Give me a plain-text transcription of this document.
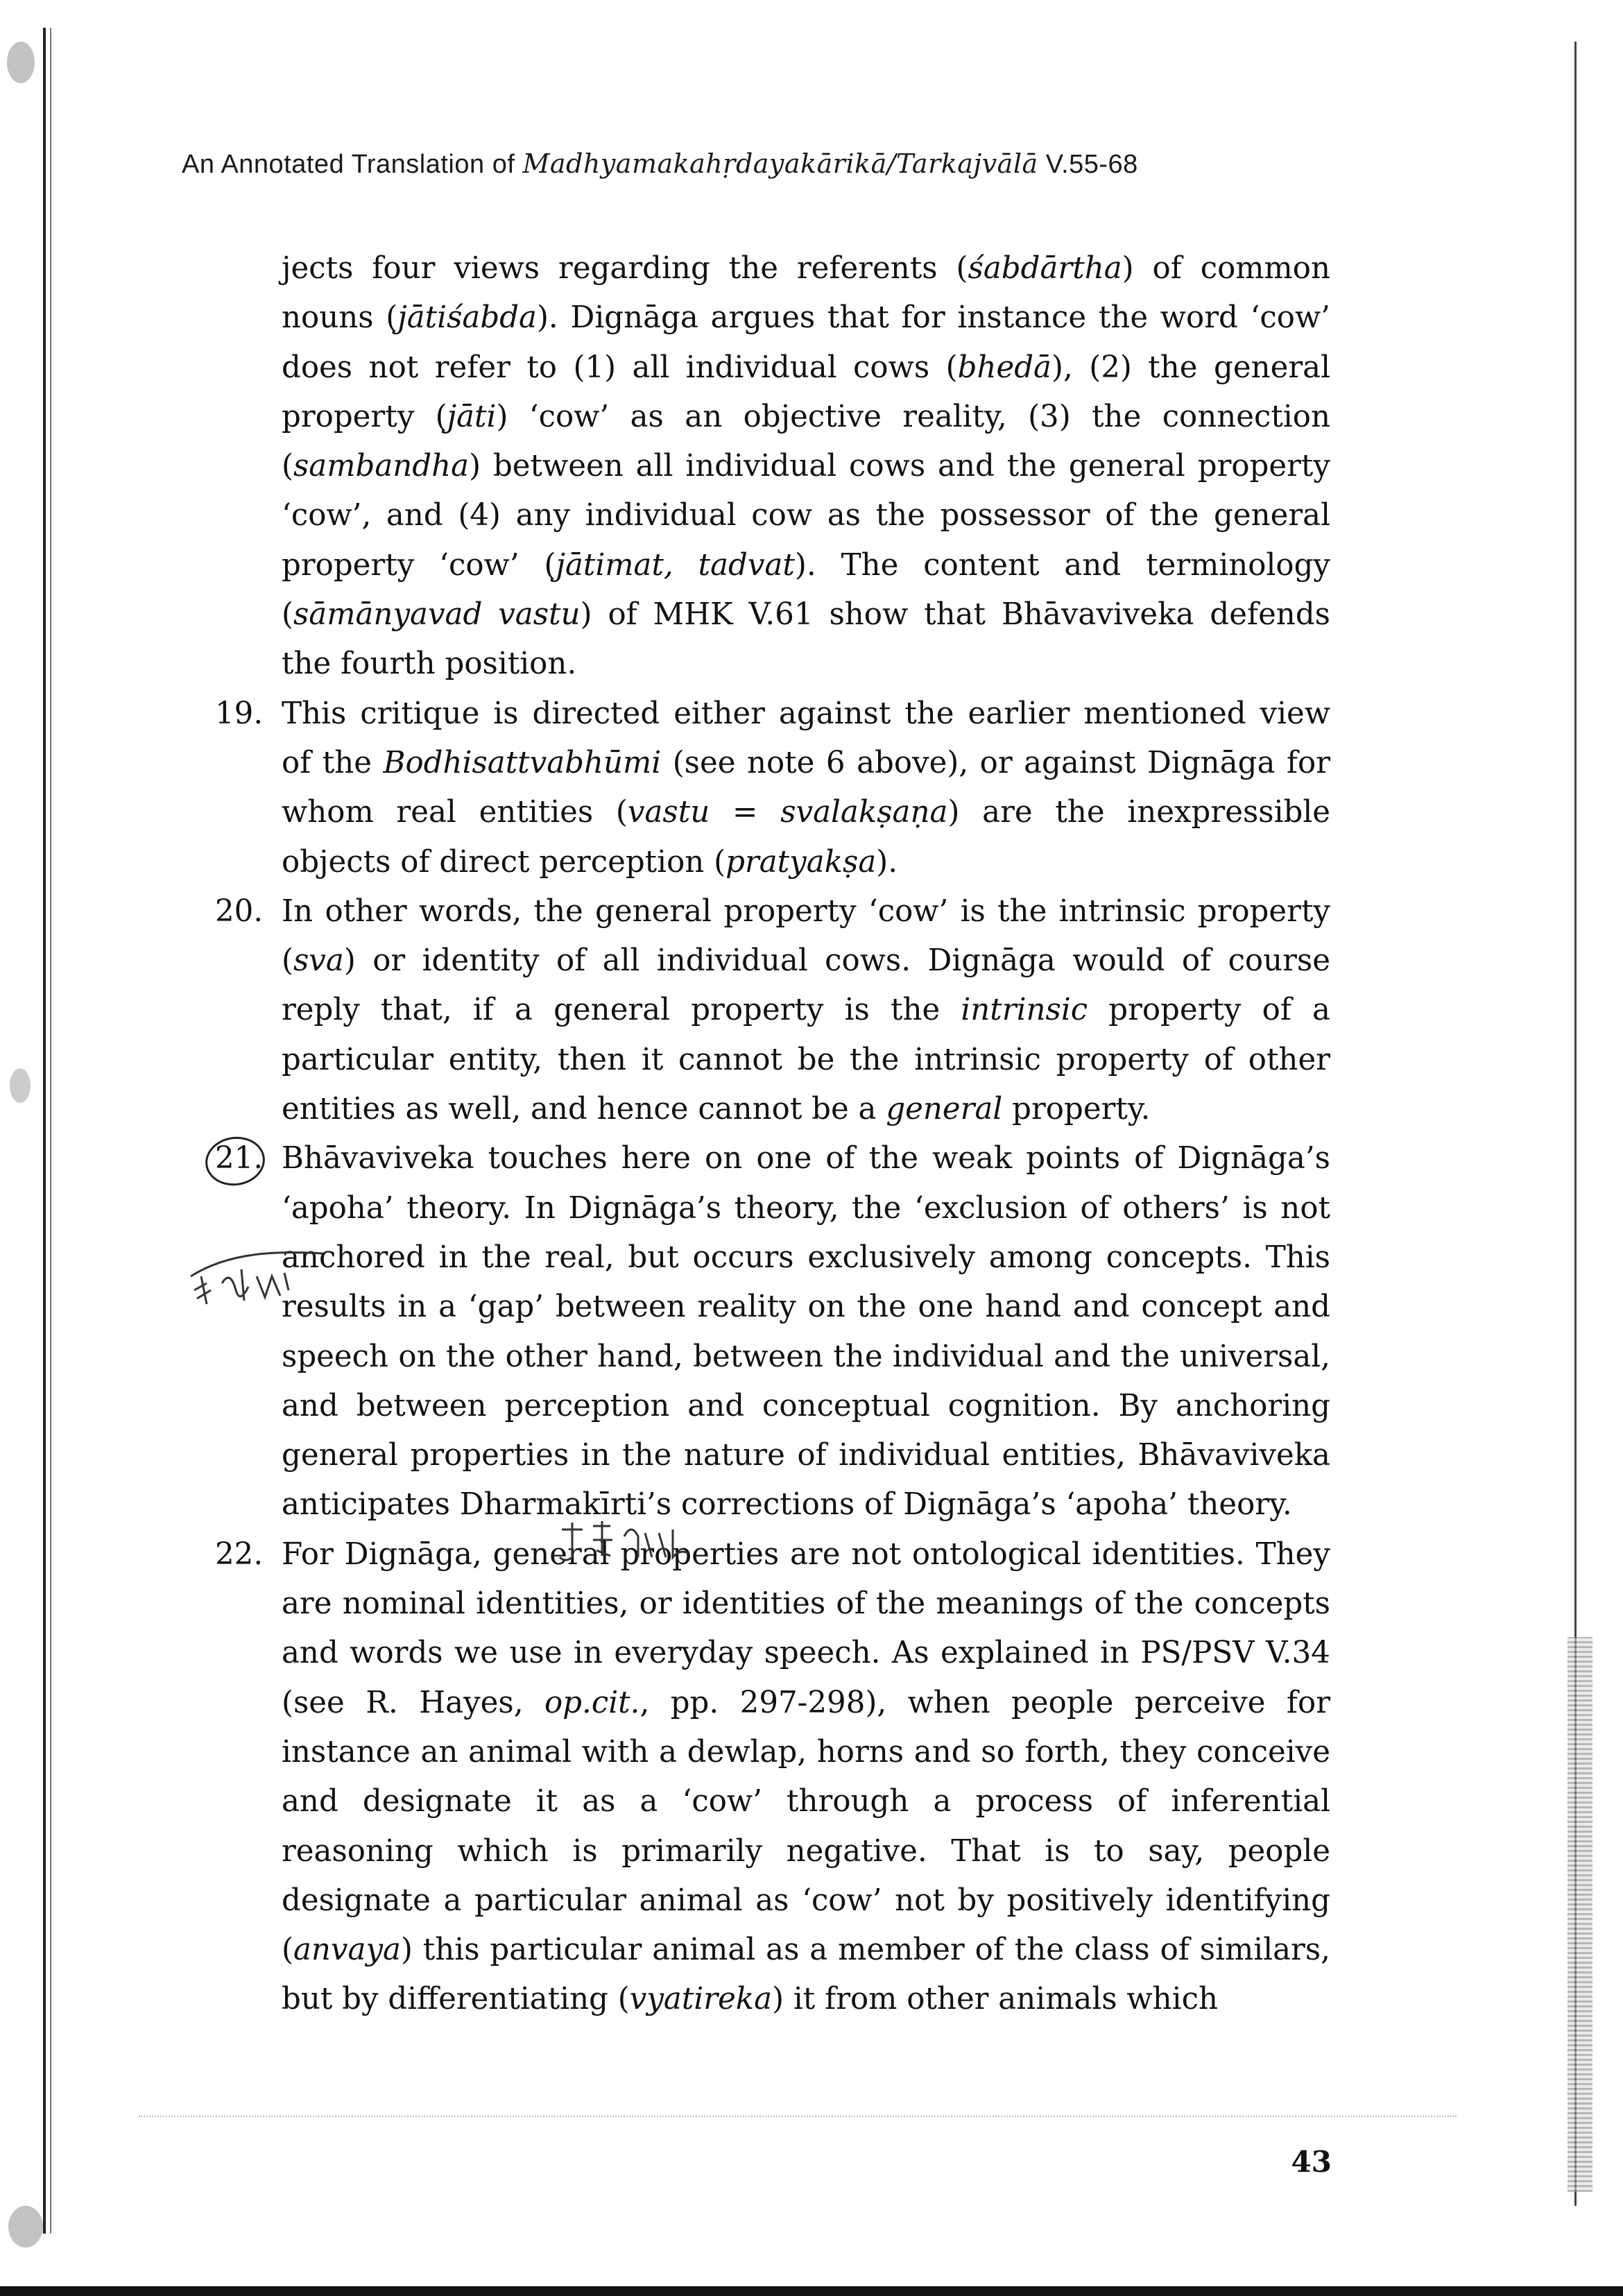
An Annotated Translation of Madhyamakahṛdayakārikā/Tarkajvālā V.55-68

jects four views regarding the referents (śabdārtha) of common nouns (jātiśabda). Dignāga argues that for instance the word ‘cow’ does not refer to (1) all individual cows (bhedā), (2) the general property (jāti) ‘cow’ as an objective reality, (3) the connection (sambandha) between all individual cows and the general property ‘cow’, and (4) any individual cow as the possessor of the general property ‘cow’ (jātimat, tadvat). The content and terminology (sāmānyavad vastu) of MHK V.61 show that Bhāvaviveka defends the fourth position.

19. This critique is directed either against the earlier mentioned view of the Bodhisattvabhūmi (see note 6 above), or against Dignāga for whom real entities (vastu = svalakṣaṇa) are the inexpressible objects of direct perception (pratyakṣa).

20. In other words, the general property ‘cow’ is the intrinsic property (sva) or identity of all individual cows. Dignāga would of course reply that, if a general property is the intrinsic property of a particular entity, then it cannot be the intrinsic property of other entities as well, and hence cannot be a general property.

21. Bhāvaviveka touches here on one of the weak points of Dignāga’s ‘apoha’ theory. In Dignāga’s theory, the ‘exclusion of others’ is not anchored in the real, but occurs exclusively among concepts. This results in a ‘gap’ between reality on the one hand and concept and speech on the other hand, between the individual and the universal, and between perception and conceptual cognition. By anchoring general properties in the nature of individual entities, Bhāvaviveka anticipates Dharmakīrti’s corrections of Dignāga’s ‘apoha’ theory.

22. For Dignāga, general properties are not ontological identities. They are nominal identities, or identities of the meanings of the concepts and words we use in everyday speech. As explained in PS/PSV V.34 (see R. Hayes, op.cit., pp. 297-298), when people perceive for instance an animal with a dewlap, horns and so forth, they conceive and designate it as a ‘cow’ through a process of inferential reasoning which is primarily negative. That is to say, people designate a particular animal as ‘cow’ not by positively identifying (anvaya) this particular animal as a member of the class of similars, but by differentiating (vyatireka) it from other animals which

43
